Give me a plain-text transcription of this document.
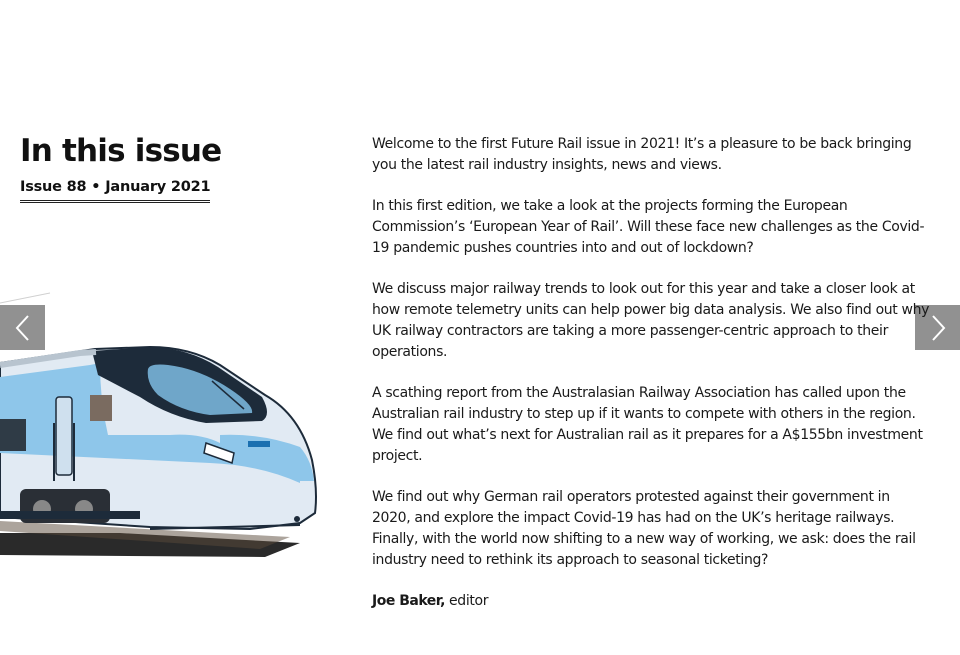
In this issue
Issue 88 • January 2021

Welcome to the first Future Rail issue in 2021! It’s a pleasure to be back bringing you the latest rail industry insights, news and views.

In this first edition, we take a look at the projects forming the European Commission’s ‘European Year of Rail’. Will these face new challenges as the Covid-19 pandemic pushes countries into and out of lockdown?

We discuss major railway trends to look out for this year and take a closer look at how remote telemetry units can help power big data analysis. We also find out why UK railway contractors are taking a more passenger-centric approach to their operations.

A scathing report from the Australasian Railway Association has called upon the Australian rail industry to step up if it wants to compete with others in the region. We find out what’s next for Australian rail as it prepares for a A$155bn investment project.

We find out why German rail operators protested against their government in 2020, and explore the impact Covid-19 has had on the UK’s heritage railways. Finally, with the world now shifting to a new way of working, we ask: does the rail industry need to rethink its approach to seasonal ticketing?

Joe Baker, editor
